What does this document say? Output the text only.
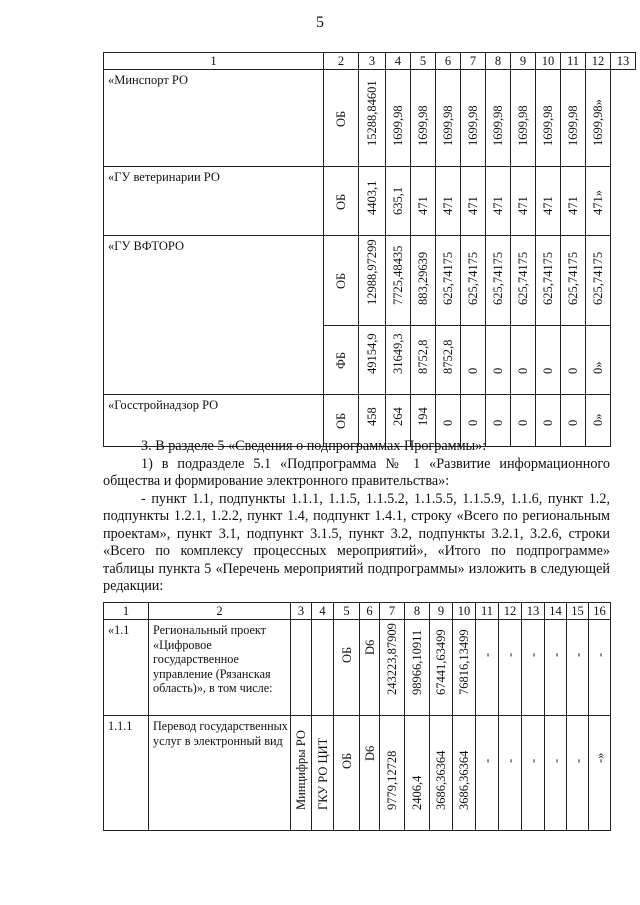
5
1	2	3	4	5	6	7	8	9	10	11	12	13
«Минспорт РО	ОБ	15288,84601	1699,98	1699,98	1699,98	1699,98	1699,98	1699,98	1699,98	1699,98	1699,98»	

«ГУ ветеринарии РО	ОБ	4403,1	635,1	471	471	471	471	471	471	471	471»	

«ГУ ВФТОРО	ОБ	12988,97299	7725,48435	883,29639	625,74175	625,74175	625,74175	625,74175	625,74175	625,74175	625,74175	

	ФБ	49154,9	31649,3	8752,8	8752,8	0	0	0	0	0	0»	

«Госстройнадзор РО	ОБ	458	264	194	0	0	0	0	0	0	0»	

3. В разделе 5 «Сведения о подпрограммах Программы»:

1) в подразделе 5.1 «Подпрограмма № 1 «Развитие информационного общества и формирование электронного правительства»:

- пункт 1.1, подпункты 1.1.1, 1.1.5, 1.1.5.2, 1.1.5.5, 1.1.5.9, 1.1.6, пункт 1.2, подпункты 1.2.1, 1.2.2, пункт 1.4, подпункт 1.4.1, строку «Всего по региональным проектам», пункт 3.1, подпункт 3.1.5, пункт 3.2, подпункты 3.2.1, 3.2.6, строки «Всего по комплексу процессных мероприятий», «Итого по подпрограмме» таблицы пункта 5 «Перечень мероприятий подпрограммы» изложить в следующей редакции:

1	2	3	4	5	6	7	8	9	10	11	12	13	14	15	16
«1.1	Региональный проект «Цифровое государственное управление (Рязанская область)», в том числе:			ОБ	D6	243223,87909	98966,10911	67441,63499	76816,13499	-	-	-	-	-	-

1.1.1	Перевод государственных услуг в электронный вид	Минцифры РО	ГКУ РО ЦИТ	ОБ	D6	9779,12728	2406,4	3686,36364	3686,36364	-	-	-	-	-	-»
